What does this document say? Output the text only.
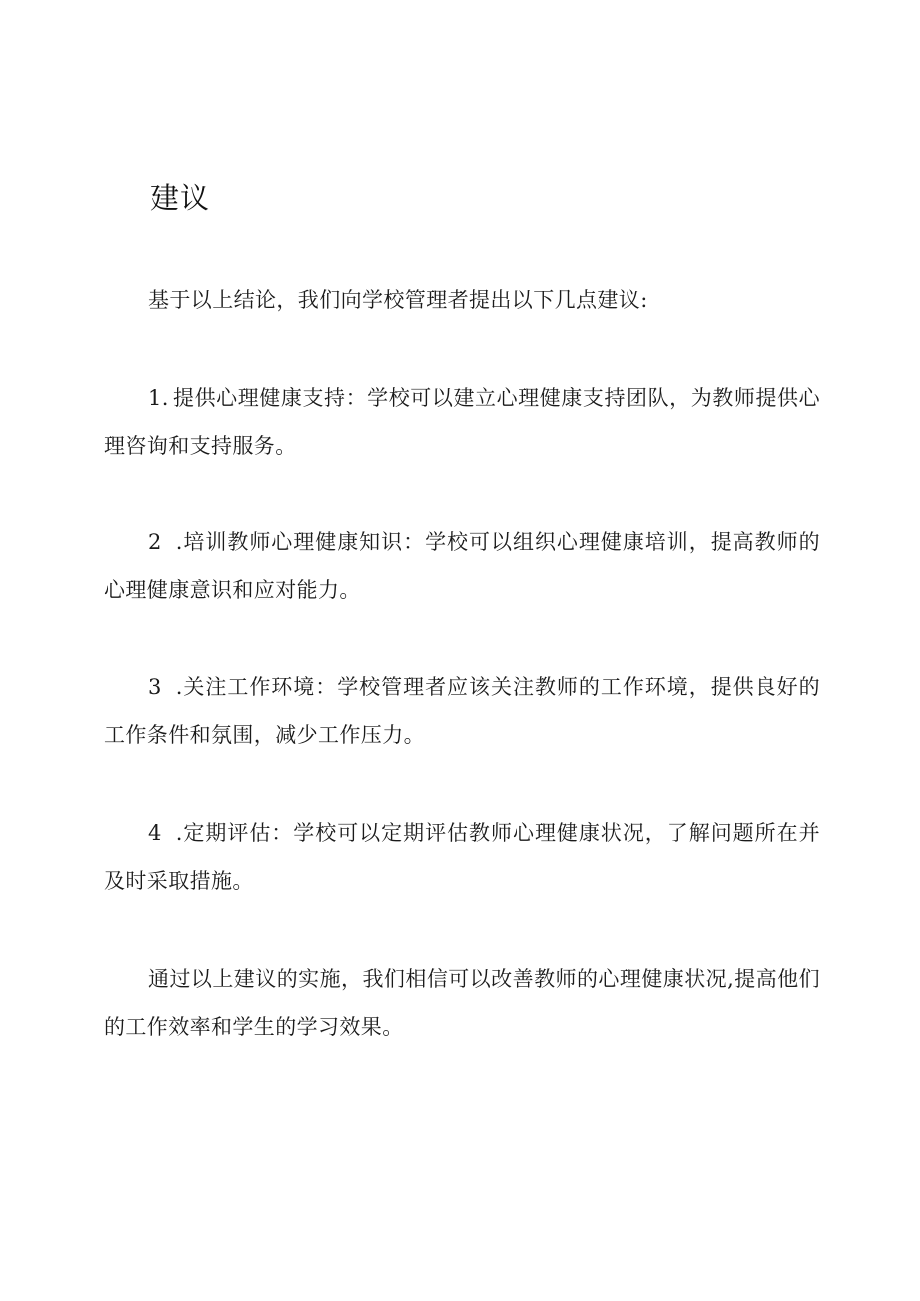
建议

基于以上结论，我们向学校管理者提出以下几点建议:

1. 提供心理健康支持：学校可以建立心理健康支持团队，为教师提供心理咨询和支持服务。

2 .培训教师心理健康知识：学校可以组织心理健康培训，提高教师的心理健康意识和应对能力。

3 .关注工作环境：学校管理者应该关注教师的工作环境，提供良好的工作条件和氛围，减少工作压力。

4 .定期评估：学校可以定期评估教师心理健康状况，了解问题所在并及时采取措施。

通过以上建议的实施，我们相信可以改善教师的心理健康状况,提高他们的工作效率和学生的学习效果。
